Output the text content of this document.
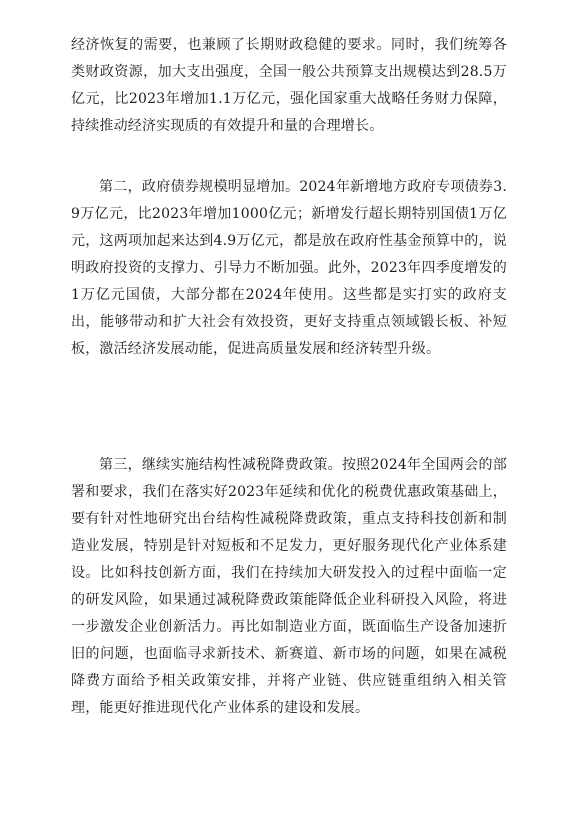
经济恢复的需要，也兼顾了长期财政稳健的要求。同时，我们统筹各类财政资源，加大支出强度，全国一般公共预算支出规模达到28.5万亿元，比2023年增加1.1万亿元，强化国家重大战略任务财力保障，持续推动经济实现质的有效提升和量的合理增长。

第二，政府债券规模明显增加。2024年新增地方政府专项债券3.9万亿元，比2023年增加1000亿元；新增发行超长期特别国债1万亿元，这两项加起来达到4.9万亿元，都是放在政府性基金预算中的，说明政府投资的支撑力、引导力不断加强。此外，2023年四季度增发的1万亿元国债，大部分都在2024年使用。这些都是实打实的政府支出，能够带动和扩大社会有效投资，更好支持重点领域锻长板、补短板，激活经济发展动能，促进高质量发展和经济转型升级。

第三，继续实施结构性减税降费政策。按照2024年全国两会的部署和要求，我们在落实好2023年延续和优化的税费优惠政策基础上，要有针对性地研究出台结构性减税降费政策，重点支持科技创新和制造业发展，特别是针对短板和不足发力，更好服务现代化产业体系建设。比如科技创新方面，我们在持续加大研发投入的过程中面临一定的研发风险，如果通过减税降费政策能降低企业科研投入风险，将进一步激发企业创新活力。再比如制造业方面，既面临生产设备加速折旧的问题，也面临寻求新技术、新赛道、新市场的问题，如果在减税降费方面给予相关政策安排，并将产业链、供应链重组纳入相关管理，能更好推进现代化产业体系的建设和发展。
